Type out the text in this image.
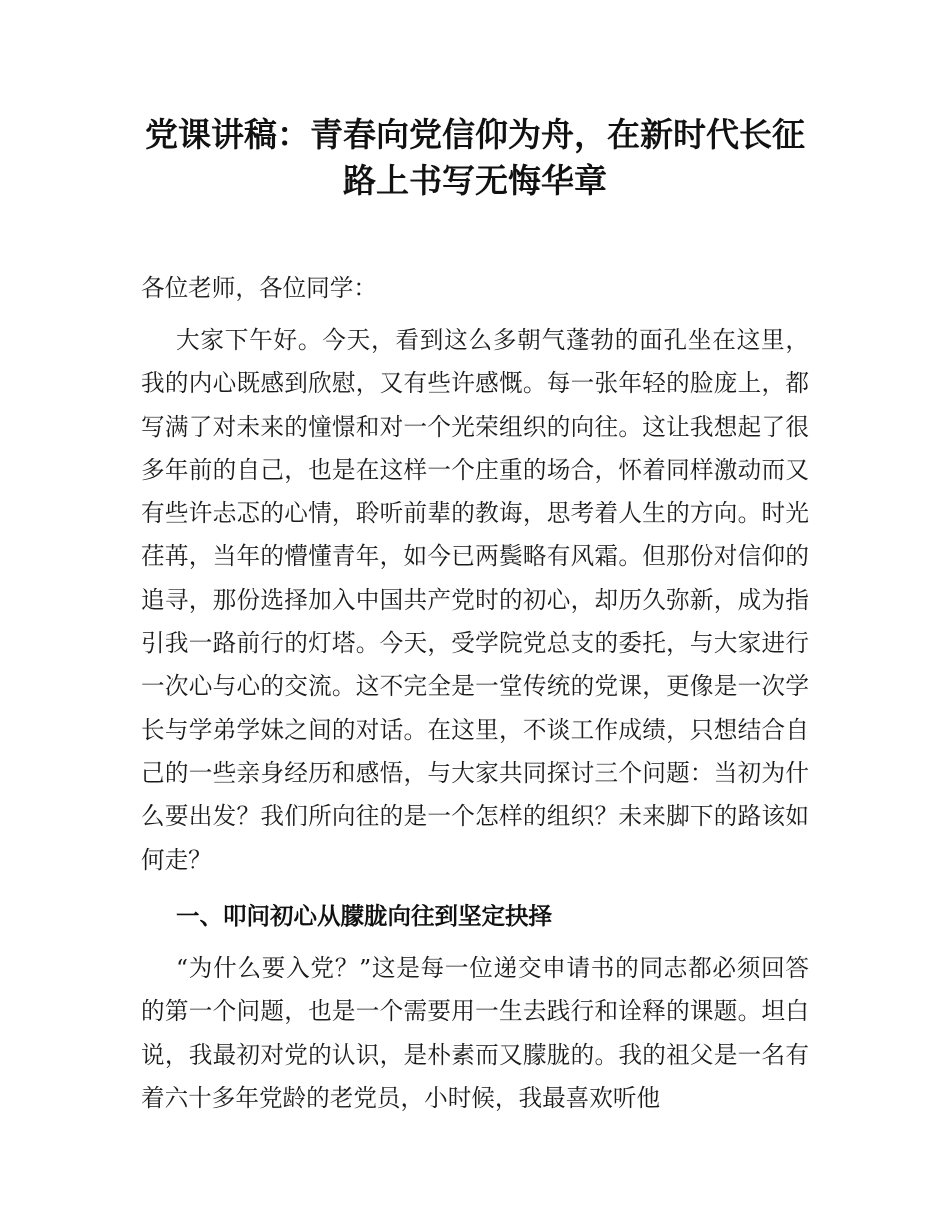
党课讲稿：青春向党信仰为舟，在新时代长征
路上书写无悔华章

各位老师，各位同学：

大家下午好。今天，看到这么多朝气蓬勃的面孔坐在这里，我的内心既感到欣慰，又有些许感慨。每一张年轻的脸庞上，都写满了对未来的憧憬和对一个光荣组织的向往。这让我想起了很多年前的自己，也是在这样一个庄重的场合，怀着同样激动而又有些许忐忑的心情，聆听前辈的教诲，思考着人生的方向。时光荏苒，当年的懵懂青年，如今已两鬓略有风霜。但那份对信仰的追寻，那份选择加入中国共产党时的初心，却历久弥新，成为指引我一路前行的灯塔。今天，受学院党总支的委托，与大家进行一次心与心的交流。这不完全是一堂传统的党课，更像是一次学长与学弟学妹之间的对话。在这里，不谈工作成绩，只想结合自己的一些亲身经历和感悟，与大家共同探讨三个问题：当初为什么要出发？我们所向往的是一个怎样的组织？未来脚下的路该如何走？

一、叩问初心从朦胧向往到坚定抉择

“为什么要入党？”这是每一位递交申请书的同志都必须回答的第一个问题，也是一个需要用一生去践行和诠释的课题。坦白说，我最初对党的认识，是朴素而又朦胧的。我的祖父是一名有着六十多年党龄的老党员，小时候，我最喜欢听他
